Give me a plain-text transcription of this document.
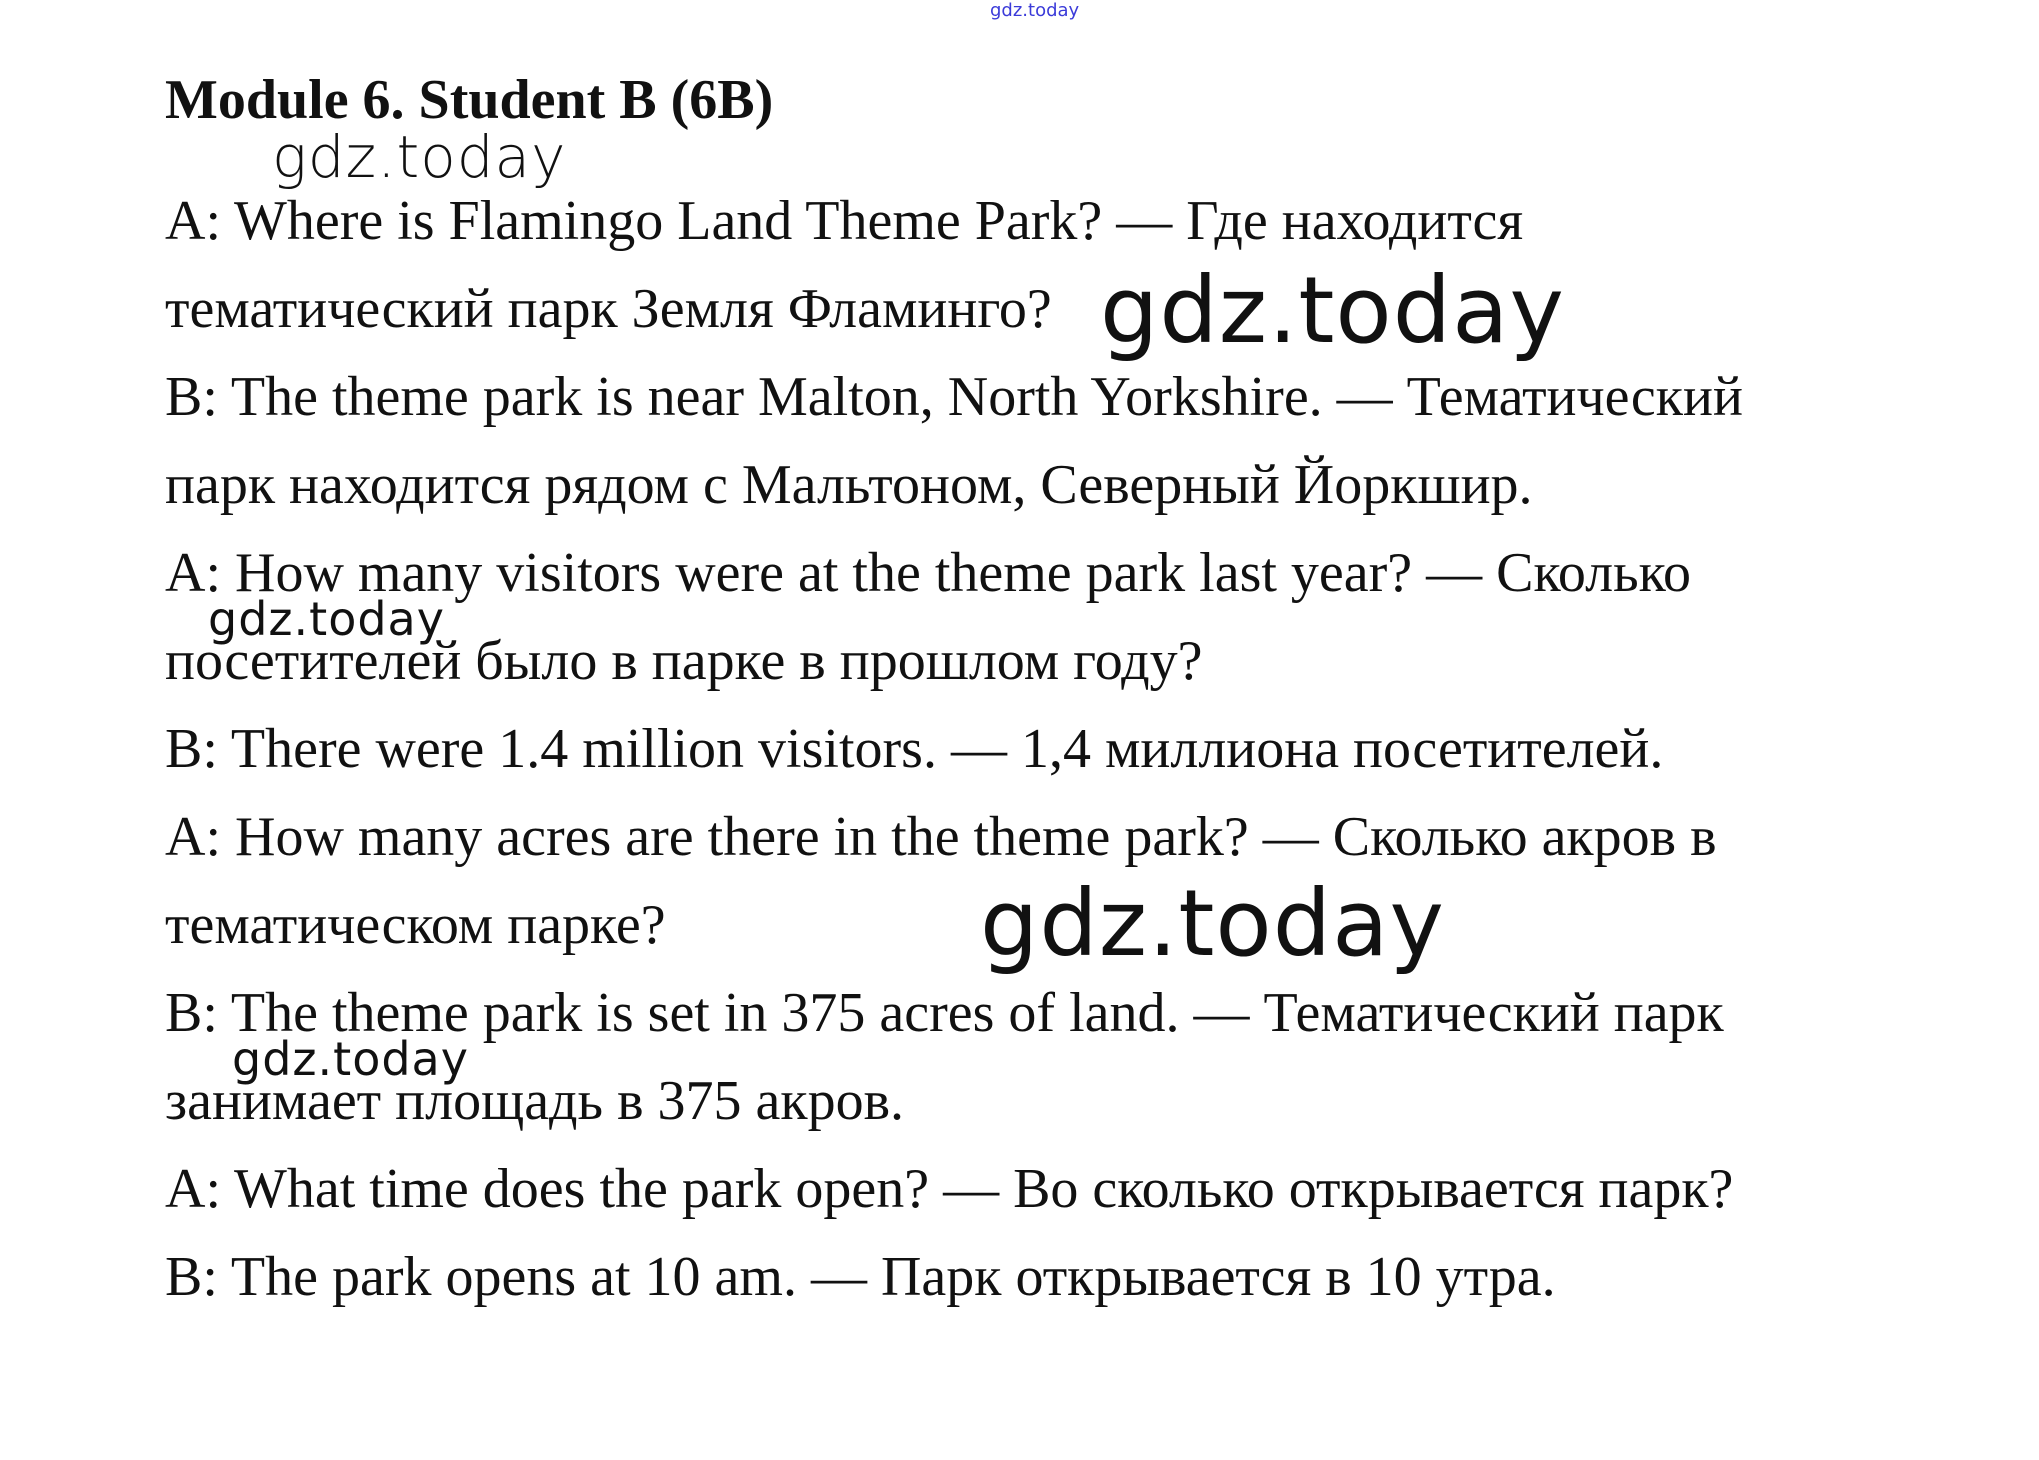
gdz.today
Module 6. Student B (6B)
A: Where is Flamingo Land Theme Park? — Где находится
тематический парк Земля Фламинго?
B: The theme park is near Malton, North Yorkshire. — Тематический
парк находится рядом с Мальтоном, Северный Йоркшир.
A: How many visitors were at the theme park last year? — Сколько
посетителей было в парке в прошлом году?
B: There were 1.4 million visitors. — 1,4 миллиона посетителей.
A: How many acres are there in the theme park? — Сколько акров в
тематическом парке?
B: The theme park is set in 375 acres of land. — Тематический парк
занимает площадь в 375 акров.
A: What time does the park open? — Во сколько открывается парк?
B: The park opens at 10 am. — Парк открывается в 10 утра.
gdz.today
gdz.today
gdz.today
gdz.today
gdz.today
